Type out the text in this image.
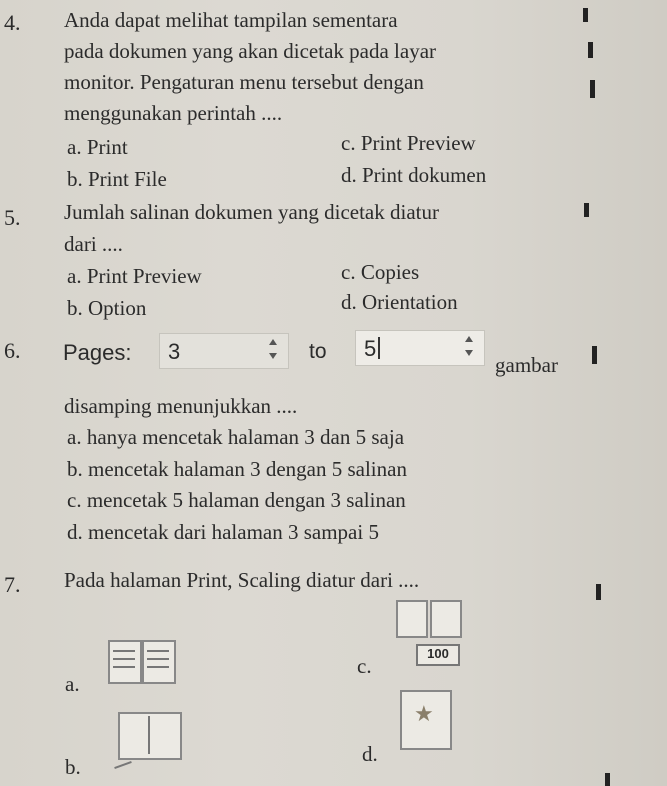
4. Anda dapat melihat tampilan sementara
pada dokumen yang akan dicetak pada layar
monitor. Pengaturan menu tersebut dengan
menggunakan perintah ....
a. Print
b. Print File
c. Print Preview
d. Print dokumen
5. Jumlah salinan dokumen yang dicetak diatur
dari ....
a. Print Preview
b. Option
c. Copies
d. Orientation
6. Pages: 3	to 5
gambar
disamping menunjukkan ....
a. hanya mencetak halaman 3 dan 5 saja
b. mencetak halaman 3 dengan 5 salinan
c. mencetak 5 halaman dengan 3 salinan
d. mencetak dari halaman 3 sampai 5
7. Pada halaman Print, Scaling diatur dari ....
a.
b.
c.
100
d.
★
